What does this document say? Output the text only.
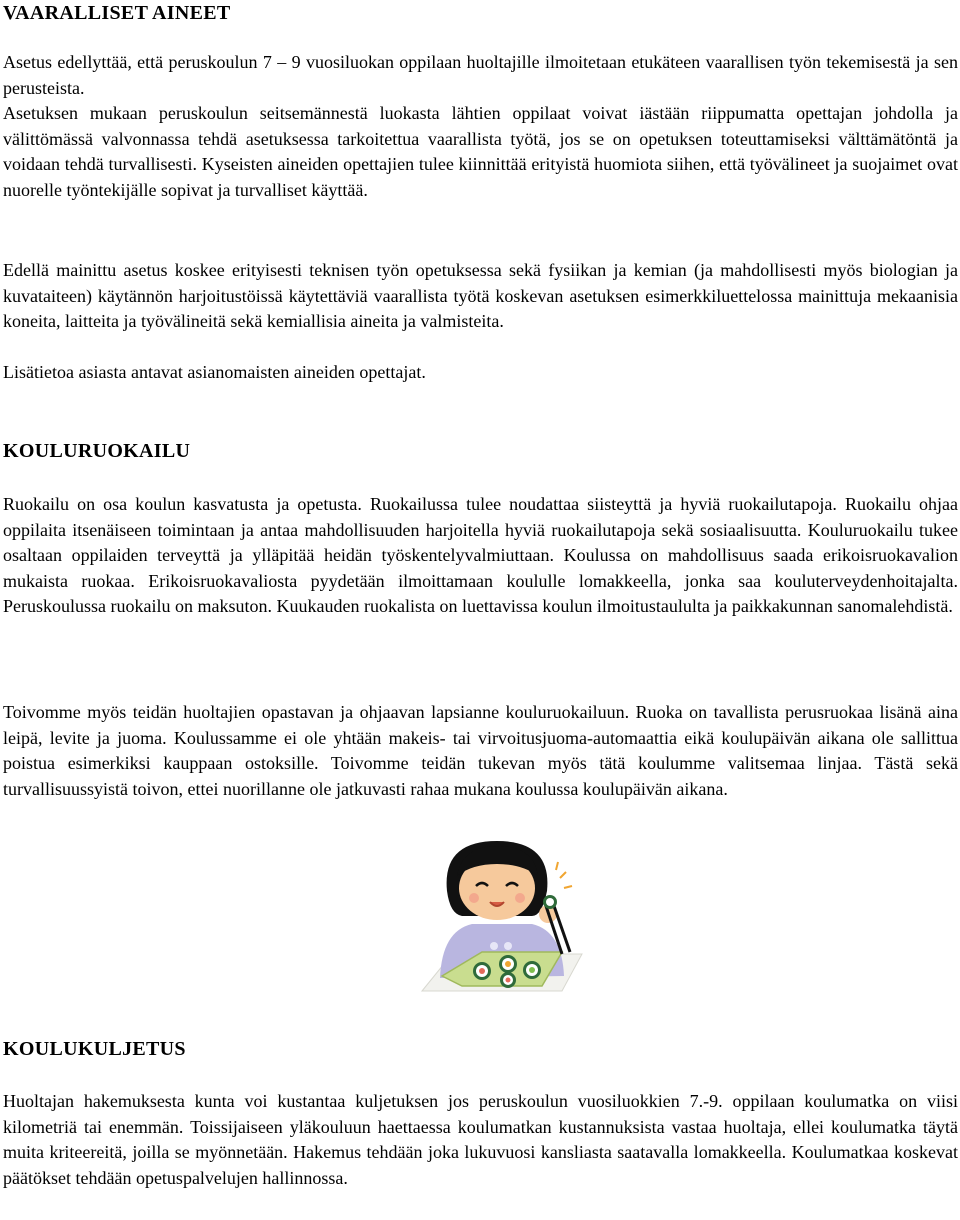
VAARALLISET AINEET

Asetus edellyttää, että peruskoulun 7 – 9 vuosiluokan oppilaan huoltajille ilmoitetaan etukäteen vaarallisen työn tekemisestä ja sen perusteista.

Asetuksen mukaan peruskoulun seitsemännestä luokasta lähtien oppilaat voivat iästään riippumatta opettajan johdolla ja välittömässä valvonnassa tehdä asetuksessa tarkoitettua vaarallista työtä, jos se on opetuksen toteuttamiseksi välttämätöntä ja voidaan tehdä turvallisesti. Kyseisten aineiden opettajien tulee kiinnittää erityistä huomiota siihen, että työvälineet ja suojaimet ovat nuorelle työntekijälle sopivat ja turvalliset käyttää.

Edellä mainittu asetus koskee erityisesti teknisen työn opetuksessa sekä fysiikan ja kemian (ja mahdollisesti myös biologian ja kuvataiteen) käytännön harjoitustöissä käytettäviä vaarallista työtä koskevan asetuksen esimerkkiluettelossa mainittuja mekaanisia koneita, laitteita ja työvälineitä sekä kemiallisia aineita ja valmisteita.

Lisätietoa asiasta antavat asianomaisten aineiden opettajat.

KOULURUOKAILU

Ruokailu on osa koulun kasvatusta ja opetusta. Ruokailussa tulee noudattaa siisteyttä ja hyviä ruokailutapoja. Ruokailu ohjaa oppilaita itsenäiseen toimintaan ja antaa mahdollisuuden harjoitella hyviä ruokailutapoja sekä sosiaalisuutta. Kouluruokailu tukee osaltaan oppilaiden terveyttä ja ylläpitää heidän työskentelyvalmiuttaan. Koulussa on mahdollisuus saada erikoisruokavalion mukaista ruokaa. Erikoisruokavaliosta pyydetään ilmoittamaan koululle lomakkeella, jonka saa kouluterveydenhoitajalta. Peruskoulussa ruokailu on maksuton. Kuukauden ruokalista on luettavissa koulun ilmoitustaululta ja paikkakunnan sanomalehdistä.

Toivomme myös teidän huoltajien opastavan ja ohjaavan lapsianne kouluruokailuun. Ruoka on tavallista perusruokaa lisänä aina leipä, levite ja juoma. Koulussamme ei ole yhtään makeis- tai virvoitusjuoma-automaattia eikä koulupäivän aikana ole sallittua poistua esimerkiksi kauppaan ostoksille. Toivomme teidän tukevan myös tätä koulumme valitsemaa linjaa. Tästä sekä turvallisuussyistä toivon, ettei nuorillanne ole jatkuvasti rahaa mukana koulussa koulupäivän aikana.

KOULUKULJETUS

Huoltajan hakemuksesta kunta voi kustantaa kuljetuksen jos peruskoulun vuosiluokkien 7.-9. oppilaan koulumatka on viisi kilometriä tai enemmän. Toissijaiseen yläkouluun haettaessa koulumatkan kustannuksista vastaa huoltaja, ellei koulumatka täytä muita kriteereitä, joilla se myönnetään. Hakemus tehdään joka lukuvuosi kansliasta saatavalla lomakkeella. Koulumatkaa koskevat päätökset tehdään opetuspalvelujen hallinnossa.
